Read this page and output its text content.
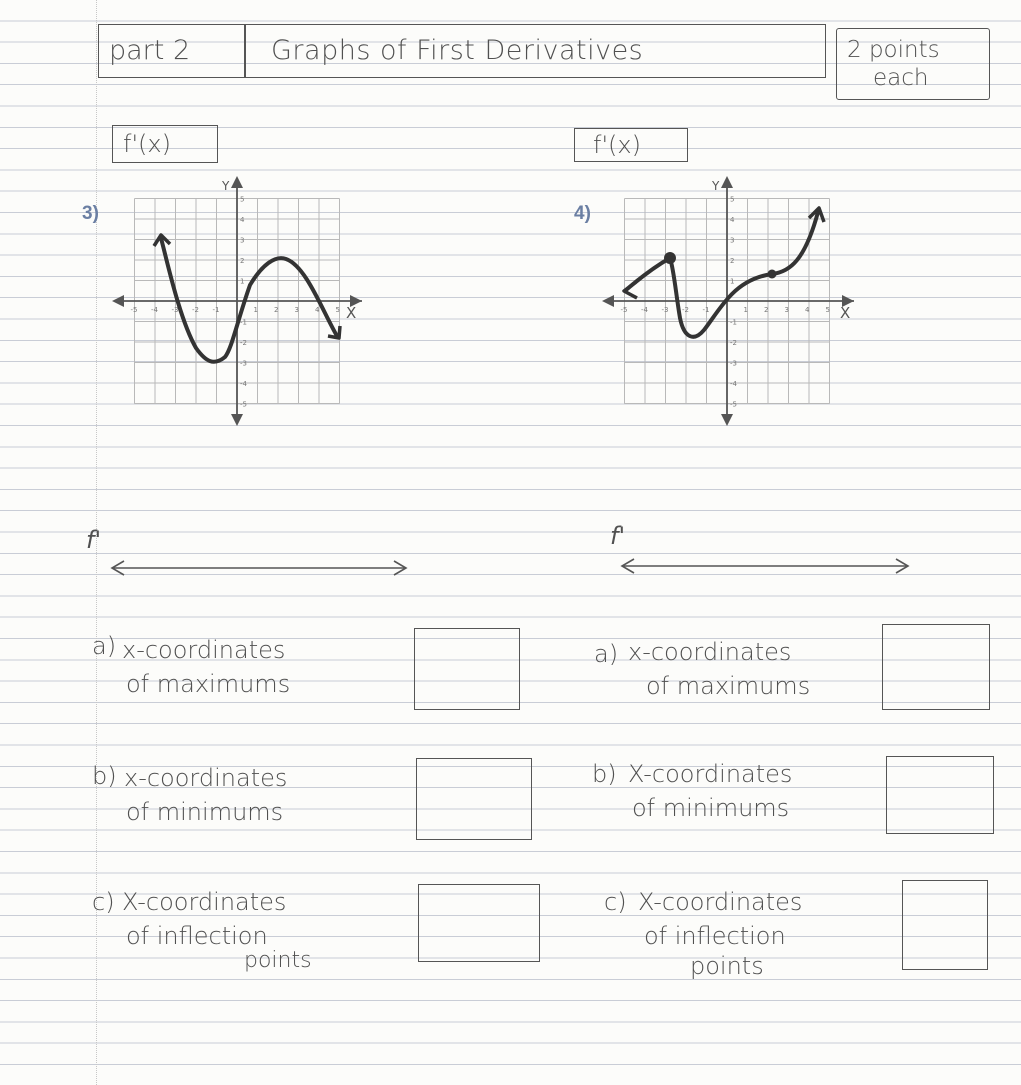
part 2	Graphs of First Derivatives	2 points
each
f'(x)
3)
X
Y
-5 -4 -3 -2 -1	1 2 3 4 5
5
4
3
2
1
-1
-2
-3
-4
-5
f'(x)
4)
X
Y
-5 -4 -3 -2 -1	1 2 3 4 5
5
4
3
2
1
-1
-2
-3
-4
-5
f'	f'
a) x-coordinates
of maximums
b) x-coordinates
of minimums
c) X-coordinates
of inflection
points
a) x-coordinates
of maximums
b) X-coordinates
of minimums
c) X-coordinates
of inflection
points
